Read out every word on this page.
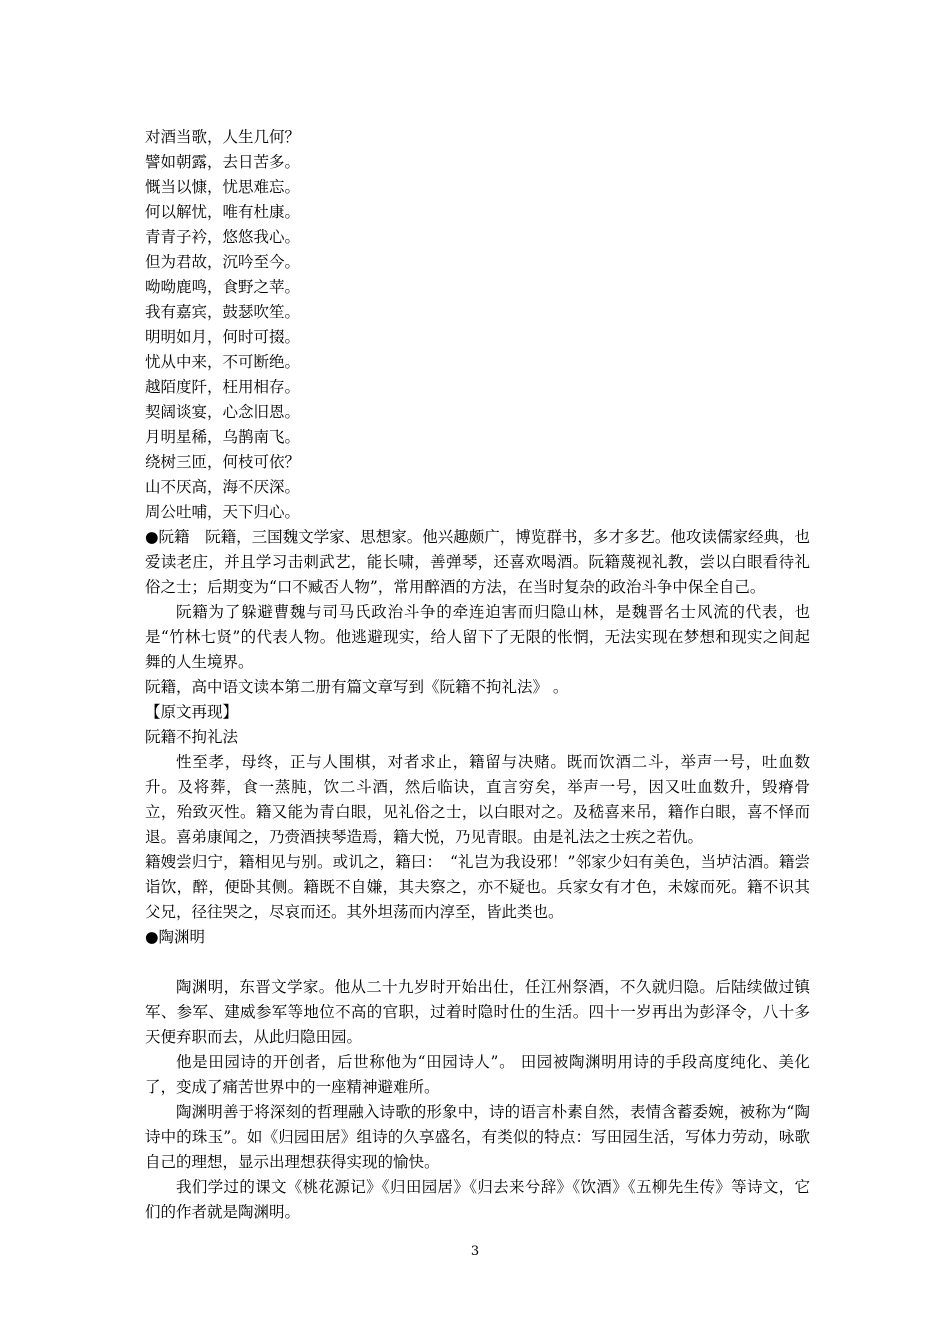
对酒当歌，人生几何？
譬如朝露，去日苦多。
慨当以慷，忧思难忘。
何以解忧，唯有杜康。
青青子衿，悠悠我心。
但为君故，沉吟至今。
呦呦鹿鸣，食野之苹。
我有嘉宾，鼓瑟吹笙。
明明如月，何时可掇。
忧从中来，不可断绝。
越陌度阡，枉用相存。
契阔谈宴，心念旧恩。
月明星稀，乌鹊南飞。
绕树三匝，何枝可依？
山不厌高，海不厌深。
周公吐哺，天下归心。

●阮籍　阮籍，三国魏文学家、思想家。他兴趣颇广，博览群书，多才多艺。他攻读儒家经典，也爱读老庄，并且学习击刺武艺，能长啸，善弹琴，还喜欢喝酒。阮籍蔑视礼教，尝以白眼看待礼俗之士；后期变为“口不臧否人物”，常用醉酒的方法，在当时复杂的政治斗争中保全自己。

阮籍为了躲避曹魏与司马氏政治斗争的牵连迫害而归隐山林，是魏晋名士风流的代表，也是“竹林七贤”的代表人物。他逃避现实，给人留下了无限的怅惘，无法实现在梦想和现实之间起舞的人生境界。

阮籍，高中语文读本第二册有篇文章写到《阮籍不拘礼法》 。

【原文再现】
阮籍不拘礼法

性至孝，母终，正与人围棋，对者求止，籍留与决赌。既而饮酒二斗，举声一号，吐血数升。及将葬，食一蒸肫，饮二斗酒，然后临诀，直言穷矣，举声一号，因又吐血数升，毁瘠骨立，殆致灭性。籍又能为青白眼，见礼俗之士，以白眼对之。及嵇喜来吊，籍作白眼，喜不怿而退。喜弟康闻之，乃赍酒挟琴造焉，籍大悦，乃见青眼。由是礼法之士疾之若仇。

籍嫂尝归宁，籍相见与别。或讥之，籍曰：　“礼岂为我设邪！”邻家少妇有美色，当垆沽酒。籍尝诣饮，醉，便卧其侧。籍既不自嫌，其夫察之，亦不疑也。兵家女有才色，未嫁而死。籍不识其父兄，径往哭之，尽哀而还。其外坦荡而内淳至，皆此类也。

●陶渊明

陶渊明，东晋文学家。他从二十九岁时开始出仕，任江州祭酒，不久就归隐。后陆续做过镇军、参军、建威参军等地位不高的官职，过着时隐时仕的生活。四十一岁再出为彭泽令，八十多天便弃职而去，从此归隐田园。

他是田园诗的开创者，后世称他为“田园诗人”。 田园被陶渊明用诗的手段高度纯化、美化了，变成了痛苦世界中的一座精神避难所。

陶渊明善于将深刻的哲理融入诗歌的形象中，诗的语言朴素自然，表情含蓄委婉，被称为“陶诗中的珠玉”。如《归园田居》组诗的久享盛名，有类似的特点：写田园生活，写体力劳动，咏歌自己的理想，显示出理想获得实现的愉快。

我们学过的课文《桃花源记》《归田园居》《归去来兮辞》《饮酒》《五柳先生传》等诗文，它们的作者就是陶渊明。

3
